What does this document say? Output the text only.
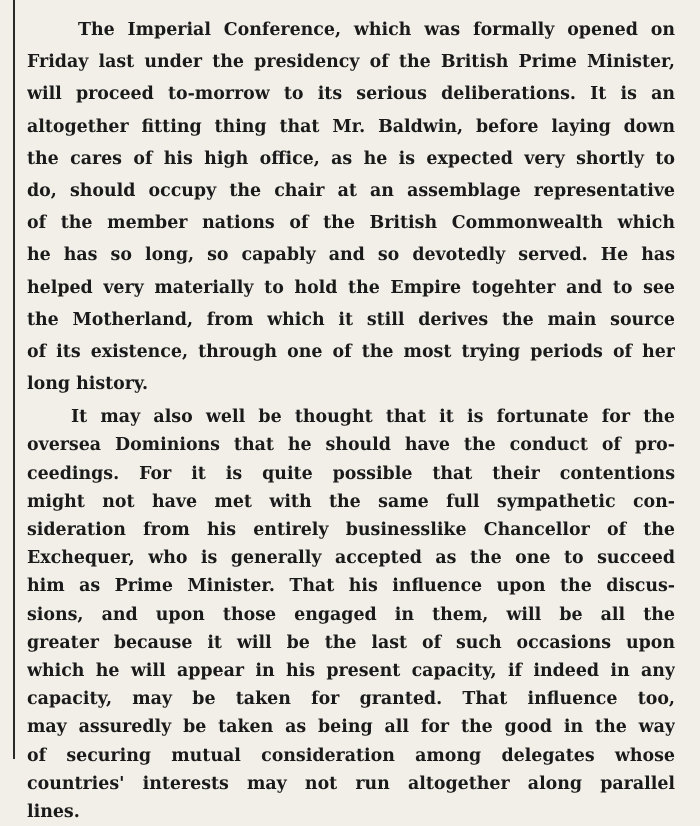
The Imperial Conference, which was formally opened on
Friday last under the presidency of the British Prime Minister,
will proceed to-morrow to its serious deliberations. It is an
altogether fitting thing that Mr. Baldwin, before laying down
the cares of his high office, as he is expected very shortly to
do, should occupy the chair at an assemblage representative
of the member nations of the British Commonwealth which
he has so long, so capably and so devotedly served. He has
helped very materially to hold the Empire togehter and to see
the Motherland, from which it still derives the main source
of its existence, through one of the most trying periods of her
long history.
It may also well be thought that it is fortunate for the
oversea Dominions that he should have the conduct of pro-
ceedings. For it is quite possible that their contentions
might not have met with the same full sympathetic con-
sideration from his entirely businesslike Chancellor of the
Exchequer, who is generally accepted as the one to succeed
him as Prime Minister. That his influence upon the discus-
sions, and upon those engaged in them, will be all the
greater because it will be the last of such occasions upon
which he will appear in his present capacity, if indeed in any
capacity, may be taken for granted. That influence too,
may assuredly be taken as being all for the good in the way
of securing mutual consideration among delegates whose
countries' interests may not run altogether along parallel
lines.
